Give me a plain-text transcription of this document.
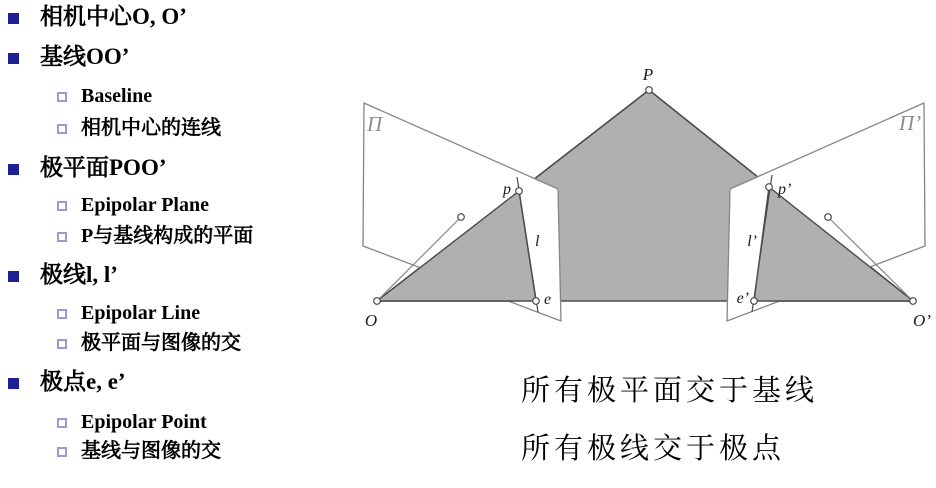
相机中心O, O’
基线OO’
Baseline
相机中心的连线
极平面POO’
Epipolar Plane
P与基线构成的平面
极线l, l’
Epipolar Line
极平面与图像的交
极点e, e’
Epipolar Point
基线与图像的交
P
Π	Π’
p
l
e
O
p’
l’
e’
O’
所有极平面交于基线
所有极线交于极点
